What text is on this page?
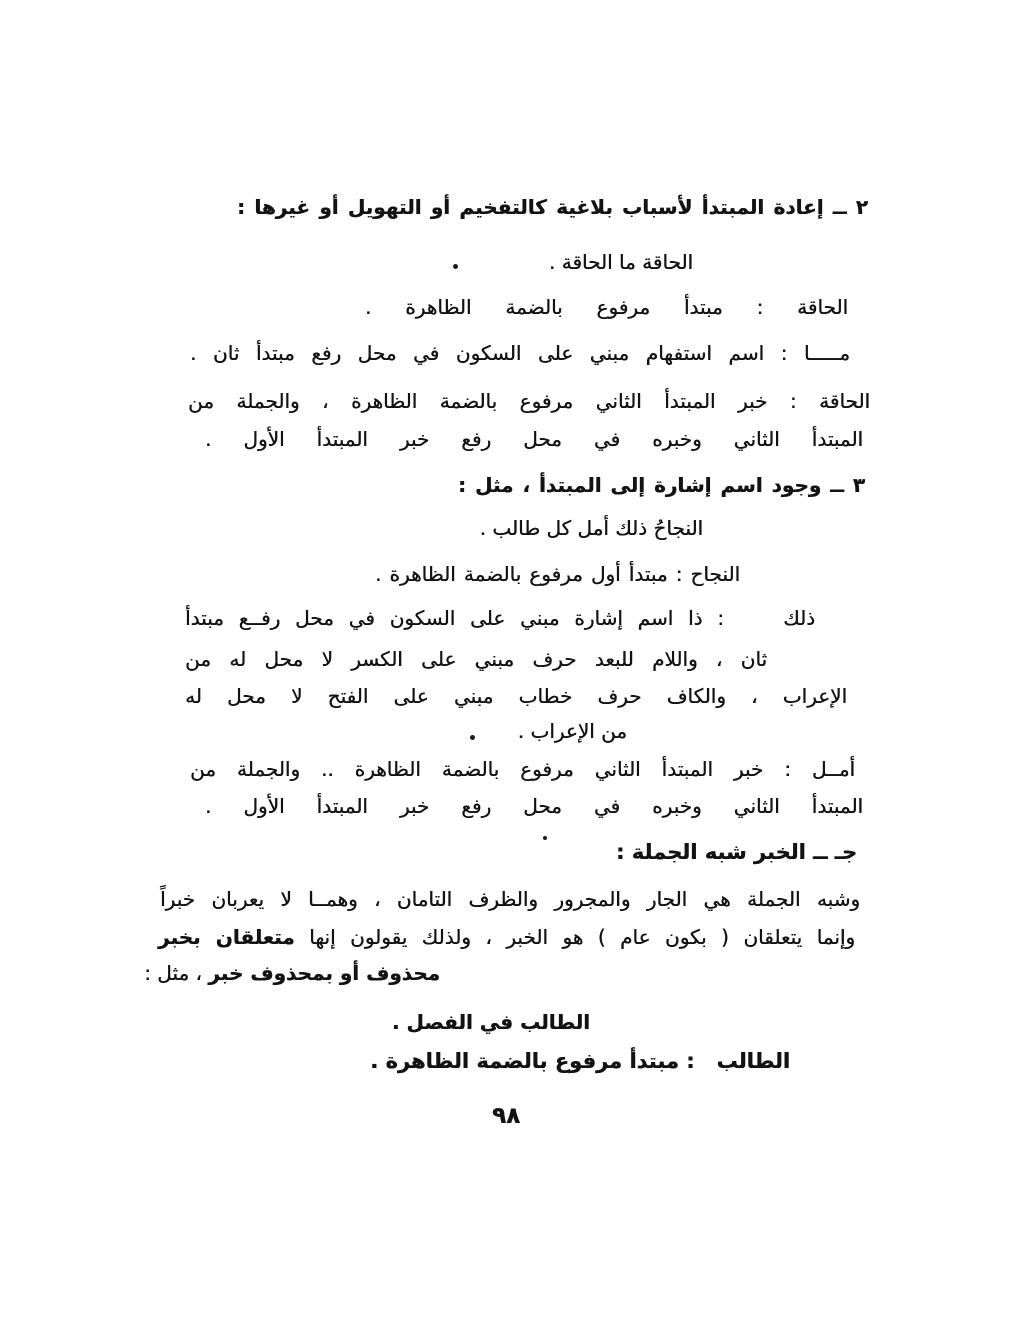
٢ ــ إعادة المبتدأ لأسباب بلاغية كالتفخيم أو التهويل أو غيرها :
الحاقة ما الحاقة .
الحاقة : مبتدأ مرفوع بالضمة الظاهرة .
مـــــا : اسم استفهام مبني على السكون في محل رفع مبتدأ ثان .
الحاقة : خبر المبتدأ الثاني مرفوع بالضمة الظاهرة ، والجملة من
المبتدأ الثاني وخبره في محل رفع خبر المبتدأ الأول .
٣ ــ وجود اسم إشارة إلى المبتدأ ، مثل :
النجاحُ ذلك أمل كل طالب .
النجاح : مبتدأ أول مرفوع بالضمة الظاهرة .
ذلك    : ذا اسم إشارة مبني على السكون في محل رفــع مبتدأ
ثان ، واللام للبعد حرف مبني على الكسر لا محل له من
الإعراب ، والكاف حرف خطاب مبني على الفتح لا محل له
من الإعراب .
أمــل : خبر المبتدأ الثاني مرفوع بالضمة الظاهرة .. والجملة من
المبتدأ الثاني وخبره في محل رفع خبر المبتدأ الأول .
جـ ــ الخبر شبه الجملة :
وشبه الجملة هي الجار والمجرور والظرف التامان ، وهمــا لا يعربان خبراً
وإنما يتعلقان ( بكون عام ) هو الخبر ، ولذلك يقولون إنها متعلقان بخبر
محذوف أو بمحذوف خبر ، مثل :
الطالب في الفصل .
الطالب   : مبتدأ مرفوع بالضمة الظاهرة .
٩٨
